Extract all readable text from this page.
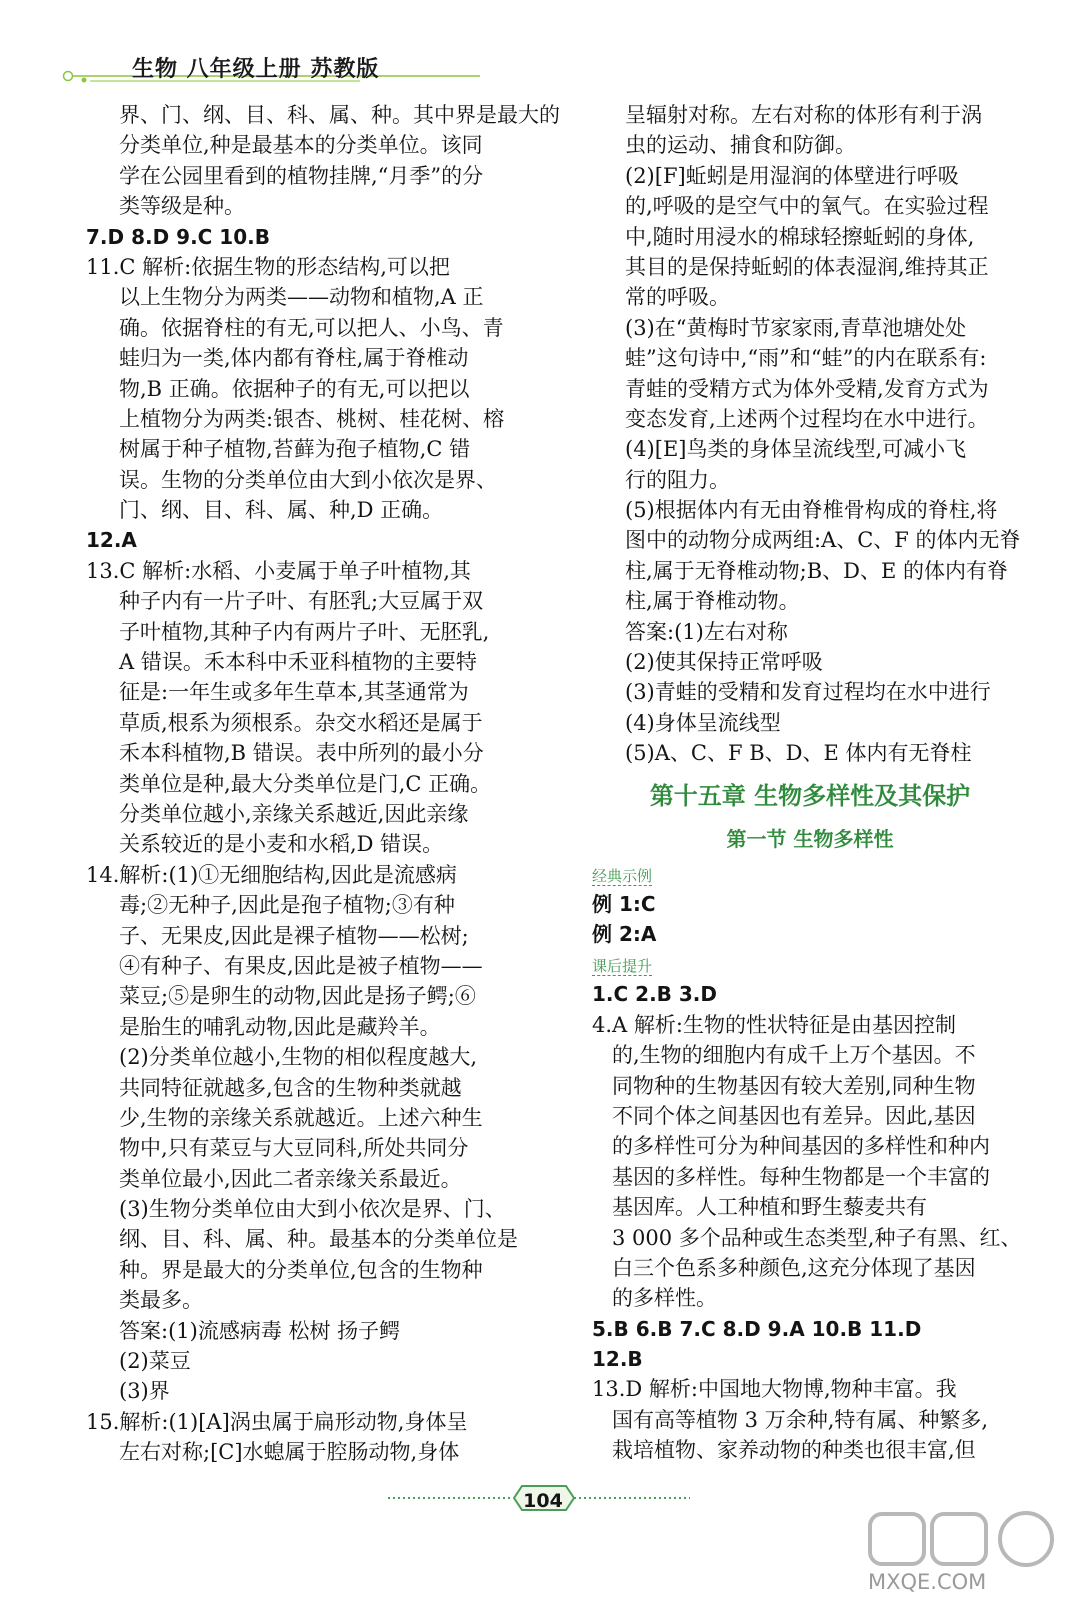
生物 八年级上册 苏教版
界、门、纲、目、科、属、种。其中界是最大的
分类单位,种是最基本的分类单位。该同
学在公园里看到的植物挂牌,“月季”的分
类等级是种。
7.D 8.D 9.C 10.B
11.C 解析:依据生物的形态结构,可以把
以上生物分为两类——动物和植物,A 正
确。依据脊柱的有无,可以把人、小鸟、青
蛙归为一类,体内都有脊柱,属于脊椎动
物,B 正确。依据种子的有无,可以把以
上植物分为两类:银杏、桃树、桂花树、榕
树属于种子植物,苔藓为孢子植物,C 错
误。生物的分类单位由大到小依次是界、
门、纲、目、科、属、种,D 正确。
12.A
13.C 解析:水稻、小麦属于单子叶植物,其
种子内有一片子叶、有胚乳;大豆属于双
子叶植物,其种子内有两片子叶、无胚乳,
A 错误。禾本科中禾亚科植物的主要特
征是:一年生或多年生草本,其茎通常为
草质,根系为须根系。杂交水稻还是属于
禾本科植物,B 错误。表中所列的最小分
类单位是种,最大分类单位是门,C 正确。
分类单位越小,亲缘关系越近,因此亲缘
关系较近的是小麦和水稻,D 错误。
14.解析:(1)①无细胞结构,因此是流感病
毒;②无种子,因此是孢子植物;③有种
子、无果皮,因此是裸子植物——松树;
④有种子、有果皮,因此是被子植物——
菜豆;⑤是卵生的动物,因此是扬子鳄;⑥
是胎生的哺乳动物,因此是藏羚羊。
(2)分类单位越小,生物的相似程度越大,
共同特征就越多,包含的生物种类就越
少,生物的亲缘关系就越近。上述六种生
物中,只有菜豆与大豆同科,所处共同分
类单位最小,因此二者亲缘关系最近。
(3)生物分类单位由大到小依次是界、门、
纲、目、科、属、种。最基本的分类单位是
种。界是最大的分类单位,包含的生物种
类最多。
答案:(1)流感病毒 松树 扬子鳄
(2)菜豆
(3)界
15.解析:(1)[A]涡虫属于扁形动物,身体呈
左右对称;[C]水螅属于腔肠动物,身体
呈辐射对称。左右对称的体形有利于涡
虫的运动、捕食和防御。
(2)[F]蚯蚓是用湿润的体壁进行呼吸
的,呼吸的是空气中的氧气。在实验过程
中,随时用浸水的棉球轻擦蚯蚓的身体,
其目的是保持蚯蚓的体表湿润,维持其正
常的呼吸。
(3)在“黄梅时节家家雨,青草池塘处处
蛙”这句诗中,“雨”和“蛙”的内在联系有:
青蛙的受精方式为体外受精,发育方式为
变态发育,上述两个过程均在水中进行。
(4)[E]鸟类的身体呈流线型,可减小飞
行的阻力。
(5)根据体内有无由脊椎骨构成的脊柱,将
图中的动物分成两组:A、C、F 的体内无脊
柱,属于无脊椎动物;B、D、E 的体内有脊
柱,属于脊椎动物。
答案:(1)左右对称
(2)使其保持正常呼吸
(3)青蛙的受精和发育过程均在水中进行
(4)身体呈流线型
(5)A、C、F B、D、E 体内有无脊柱
第十五章 生物多样性及其保护
第一节 生物多样性
经典示例
例 1:C
例 2:A
课后提升
1.C 2.B 3.D
4.A 解析:生物的性状特征是由基因控制
的,生物的细胞内有成千上万个基因。不
同物种的生物基因有较大差别,同种生物
不同个体之间基因也有差异。因此,基因
的多样性可分为种间基因的多样性和种内
基因的多样性。每种生物都是一个丰富的
基因库。人工种植和野生藜麦共有
3 000 多个品种或生态类型,种子有黑、红、
白三个色系多种颜色,这充分体现了基因
的多样性。
5.B 6.B 7.C 8.D 9.A 10.B 11.D
12.B
13.D 解析:中国地大物博,物种丰富。我
国有高等植物 3 万余种,特有属、种繁多,
栽培植物、家养动物的种类也很丰富,但
104
MXQE.COM
